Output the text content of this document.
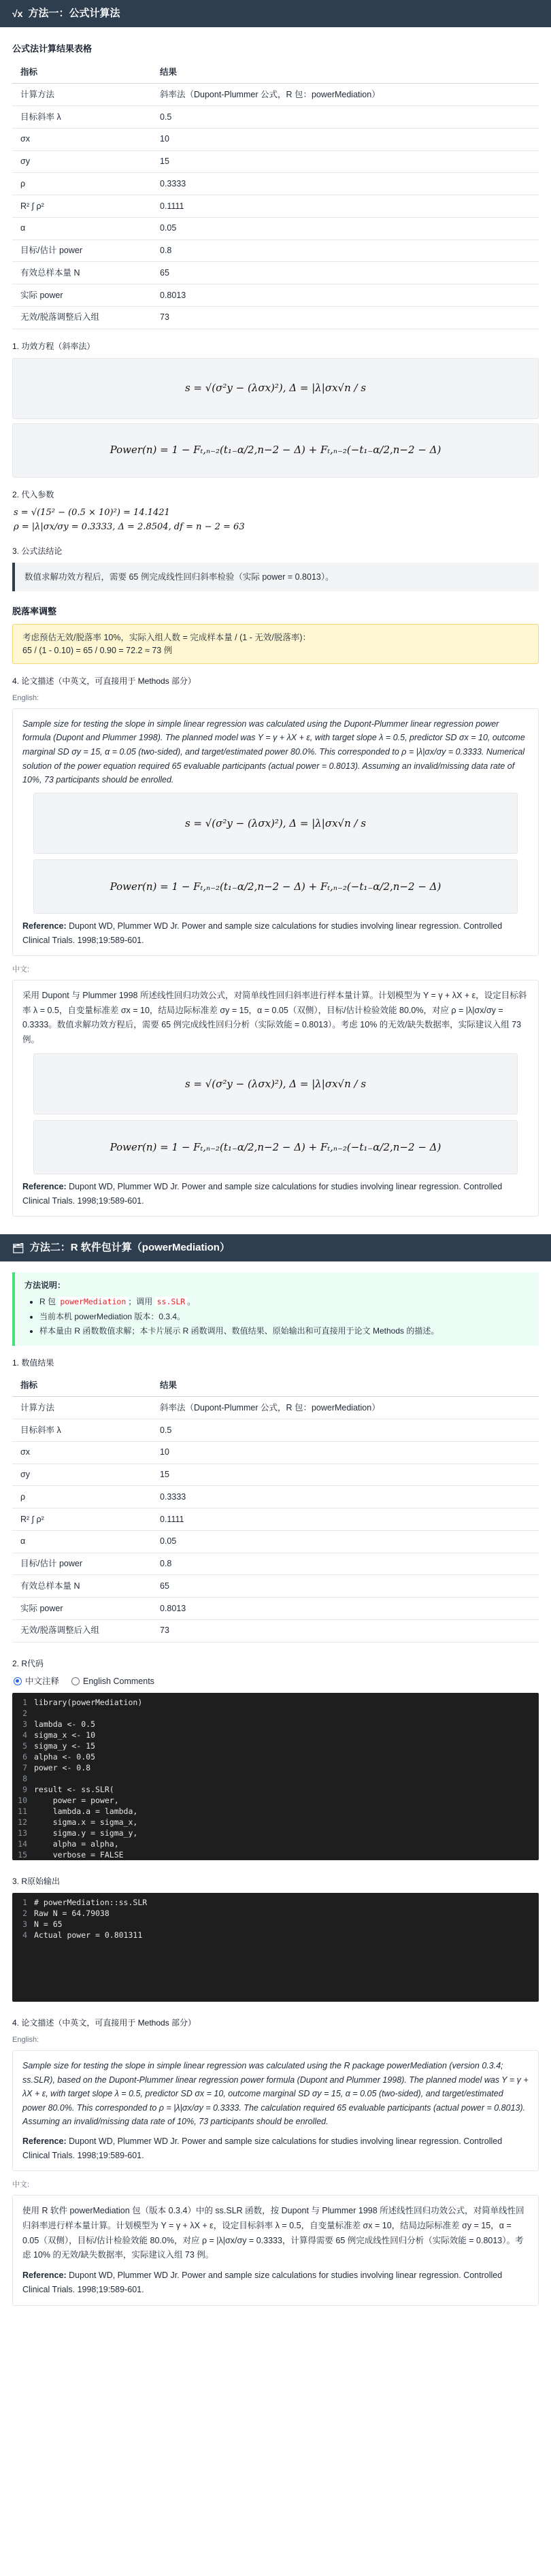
√x 方法一：公式计算法
公式法计算结果表格
指标	结果
计算方法	斜率法（Dupont-Plummer 公式，R 包：powerMediation）
目标斜率 λ	0.5
σx	10
σy	15
ρ	0.3333
R² ∫ ρ²	0.1111
α	0.05
目标/估计 power	0.8
有效总样本量 N	65
实际 power	0.8013
无效/脱落调整后入组	73
1. 功效方程（斜率法）
s = √(σ²y − (λσx)²), Δ = |λ|σx√n / s
Power(n) = 1 − Fₜ,ₙ₋₂(t₁₋α/2,n−2 − Δ) + Fₜ,ₙ₋₂(−t₁₋α/2,n−2 − Δ)
2. 代入参数
s = √(15² − (0.5 × 10)²) = 14.1421
ρ = |λ|σx/σy = 0.3333, Δ = 2.8504, df = n − 2 = 63
3. 公式法结论
数值求解功效方程后，需要 65 例完成线性回归斜率检验（实际 power = 0.8013）。
脱落率调整
考虑预估无效/脱落率 10%，实际入组人数 = 完成样本量 / (1 - 无效/脱落率)：
65 / (1 - 0.10) = 65 / 0.90 = 72.2 ≈ 73 例
4. 论文描述（中英文，可直接用于 Methods 部分）
English:
Sample size for testing the slope in simple linear regression was calculated using the Dupont-Plummer linear regression power formula (Dupont and Plummer 1998). The planned model was Y = γ + λX + ε, with target slope λ = 0.5, predictor SD σx = 10, outcome marginal SD σy = 15, α = 0.05 (two-sided), and target/estimated power 80.0%. This corresponded to ρ = |λ|σx/σy = 0.3333. Numerical solution of the power equation required 65 evaluable participants (actual power = 0.8013). Assuming an invalid/missing data rate of 10%, 73 participants should be enrolled.
s = √(σ²y − (λσx)²), Δ = |λ|σx√n / s
Power(n) = 1 − Fₜ,ₙ₋₂(t₁₋α/2,n−2 − Δ) + Fₜ,ₙ₋₂(−t₁₋α/2,n−2 − Δ)
Reference: Dupont WD, Plummer WD Jr. Power and sample size calculations for studies involving linear regression. Controlled Clinical Trials. 1998;19:589-601.
中文:
采用 Dupont 与 Plummer 1998 所述线性回归功效公式，对简单线性回归斜率进行样本量计算。计划模型为 Y = γ + λX + ε，设定目标斜率 λ = 0.5，自变量标准差 σx = 10，结局边际标准差 σy = 15，α = 0.05（双侧），目标/估计检验效能 80.0%，对应 ρ = |λ|σx/σy = 0.3333。数值求解功效方程后，需要 65 例完成线性回归分析（实际效能 = 0.8013）。考虑 10% 的无效/缺失数据率，实际建议入组 73 例。
s = √(σ²y − (λσx)²), Δ = |λ|σx√n / s
Power(n) = 1 − Fₜ,ₙ₋₂(t₁₋α/2,n−2 − Δ) + Fₜ,ₙ₋₂(−t₁₋α/2,n−2 − Δ)
Reference: Dupont WD, Plummer WD Jr. Power and sample size calculations for studies involving linear regression. Controlled Clinical Trials. 1998;19:589-601.
🗂 方法二：R 软件包计算（powerMediation）
方法说明：
• R 包 powerMediation ；调用 ss.SLR 。
• 当前本机 powerMediation 版本：0.3.4。
• 样本量由 R 函数数值求解；本卡片展示 R 函数调用、数值结果、原始输出和可直接用于论文 Methods 的描述。
1. 数值结果
指标	结果
计算方法	斜率法（Dupont-Plummer 公式，R 包：powerMediation）
目标斜率 λ	0.5
σx	10
σy	15
ρ	0.3333
R² ∫ ρ²	0.1111
α	0.05
目标/估计 power	0.8
有效总样本量 N	65
实际 power	0.8013
无效/脱落调整后入组	73
2. R代码
中文注释	English Comments
1 library(powerMediation)
2
3 lambda <- 0.5
4 sigma_x <- 10
5 sigma_y <- 15
6 alpha <- 0.05
7 power <- 0.8
8
9 result <- ss.SLR(
10 power = power,
11 lambda.a = lambda,
12 sigma.x = sigma_x,
13 sigma.y = sigma_y,
14 alpha = alpha,
15 verbose = FALSE
3. R原始输出
1 # powerMediation::ss.SLR
2 Raw N = 64.79038
3 N = 65
4 Actual power = 0.801311
4. 论文描述（中英文，可直接用于 Methods 部分）
English:
Sample size for testing the slope in simple linear regression was calculated using the R package powerMediation (version 0.3.4; ss.SLR), based on the Dupont-Plummer linear regression power formula (Dupont and Plummer 1998). The planned model was Y = γ + λX + ε, with target slope λ = 0.5, predictor SD σx = 10, outcome marginal SD σy = 15, α = 0.05 (two-sided), and target/estimated power 80.0%. This corresponded to ρ = |λ|σx/σy = 0.3333. The calculation required 65 evaluable participants (actual power = 0.8013). Assuming an invalid/missing data rate of 10%, 73 participants should be enrolled.
Reference: Dupont WD, Plummer WD Jr. Power and sample size calculations for studies involving linear regression. Controlled Clinical Trials. 1998;19:589-601.
中文:
使用 R 软件 powerMediation 包（版本 0.3.4）中的 ss.SLR 函数，按 Dupont 与 Plummer 1998 所述线性回归功效公式，对简单线性回归斜率进行样本量计算。计划模型为 Y = γ + λX + ε，设定目标斜率 λ = 0.5，自变量标准差 σx = 10，结局边际标准差 σy = 15，α = 0.05（双侧），目标/估计检验效能 80.0%，对应 ρ = |λ|σx/σy = 0.3333，计算得需要 65 例完成线性回归分析（实际效能 = 0.8013）。考虑 10% 的无效/缺失数据率，实际建议入组 73 例。
Reference: Dupont WD, Plummer WD Jr. Power and sample size calculations for studies involving linear regression. Controlled Clinical Trials. 1998;19:589-601.
